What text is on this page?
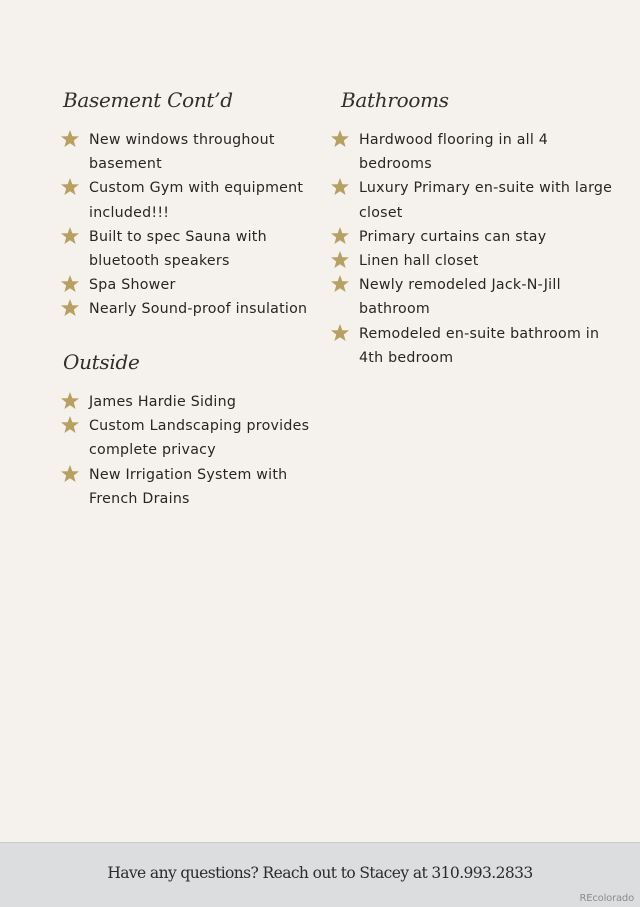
Basement Cont’d
New windows throughout basement
Custom Gym with equipment included!!!
Built to spec Sauna with bluetooth speakers
Spa Shower
Nearly Sound-proof insulation
Outside
James Hardie Siding
Custom Landscaping provides complete privacy
New Irrigation System with French Drains
Bathrooms
Hardwood flooring in all 4 bedrooms
Luxury Primary en-suite with large closet
Primary curtains can stay
Linen hall closet
Newly remodeled Jack-N-Jill bathroom
Remodeled en-suite bathroom in 4th bedroom
Have any questions? Reach out to Stacey at 310.993.2833
REcolorado
